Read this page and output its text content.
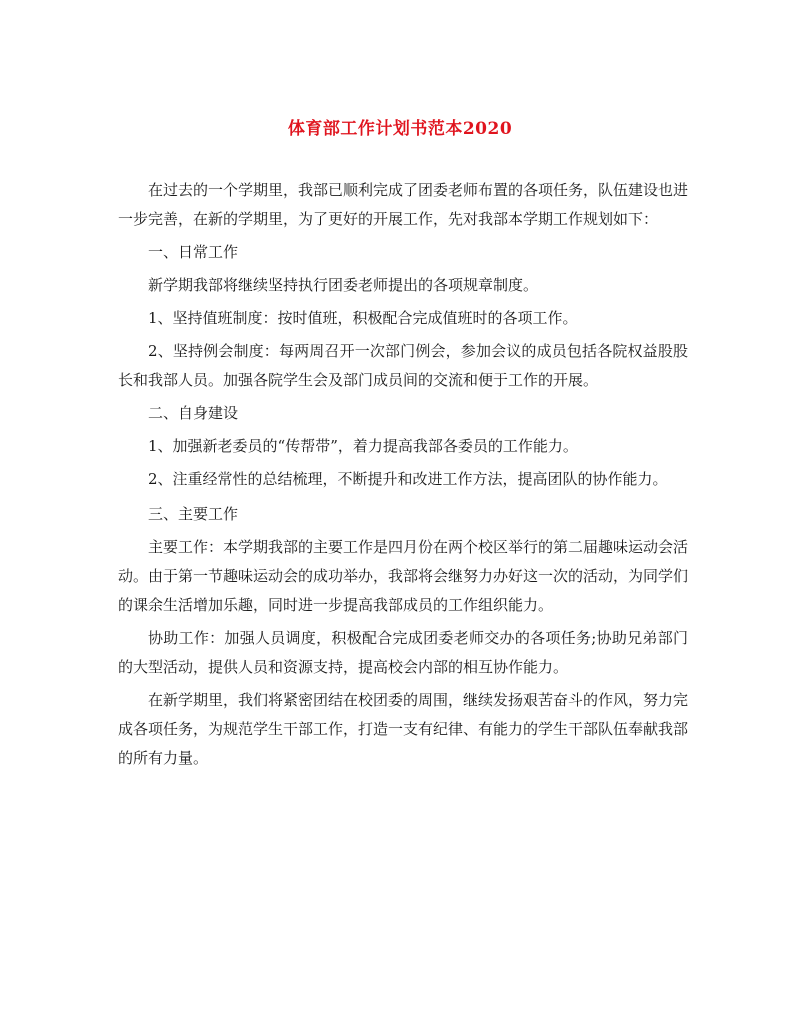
体育部工作计划书范本2020

在过去的一个学期里，我部已顺利完成了团委老师布置的各项任务，队伍建设也进一步完善，在新的学期里，为了更好的开展工作，先对我部本学期工作规划如下：

一、日常工作

新学期我部将继续坚持执行团委老师提出的各项规章制度。

1、坚持值班制度：按时值班，积极配合完成值班时的各项工作。

2、坚持例会制度：每两周召开一次部门例会，参加会议的成员包括各院权益股股长和我部人员。加强各院学生会及部门成员间的交流和便于工作的开展。

二、自身建设

1、加强新老委员的“传帮带”，着力提高我部各委员的工作能力。

2、注重经常性的总结梳理，不断提升和改进工作方法，提高团队的协作能力。

三、主要工作

主要工作：本学期我部的主要工作是四月份在两个校区举行的第二届趣味运动会活动。由于第一节趣味运动会的成功举办，我部将会继努力办好这一次的活动，为同学们的课余生活增加乐趣，同时进一步提高我部成员的工作组织能力。

协助工作：加强人员调度，积极配合完成团委老师交办的各项任务;协助兄弟部门的大型活动，提供人员和资源支持，提高校会内部的相互协作能力。

在新学期里，我们将紧密团结在校团委的周围，继续发扬艰苦奋斗的作风，努力完成各项任务，为规范学生干部工作，打造一支有纪律、有能力的学生干部队伍奉献我部的所有力量。
